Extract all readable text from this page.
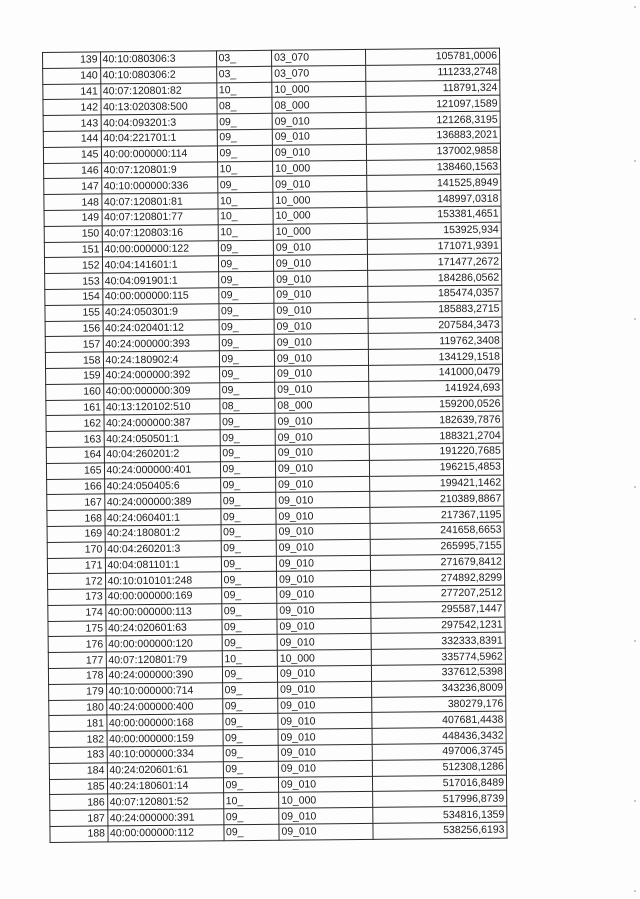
139	40:10:080306:3	03_	03_070	105781,0006
140	40:10:080306:2	03_	03_070	111233,2748
141	40:07:120801:82	10_	10_000	118791,324
142	40:13:020308:500	08_	08_000	121097,1589
143	40:04:093201:3	09_	09_010	121268,3195
144	40:04:221701:1	09_	09_010	136883,2021
145	40:00:000000:114	09_	09_010	137002,9858
146	40:07:120801:9	10_	10_000	138460,1563
147	40:10:000000:336	09_	09_010	141525,8949
148	40:07:120801:81	10_	10_000	148997,0318
149	40:07:120801:77	10_	10_000	153381,4651
150	40:07:120803:16	10_	10_000	153925,934
151	40:00:000000:122	09_	09_010	171071,9391
152	40:04:141601:1	09_	09_010	171477,2672
153	40:04:091901:1	09_	09_010	184286,0562
154	40:00:000000:115	09_	09_010	185474,0357
155	40:24:050301:9	09_	09_010	185883,2715
156	40:24:020401:12	09_	09_010	207584,3473
157	40:24:000000:393	09_	09_010	119762,3408
158	40:24:180902:4	09_	09_010	134129,1518
159	40:24:000000:392	09_	09_010	141000,0479
160	40:00:000000:309	09_	09_010	141924,693
161	40:13:120102:510	08_	08_000	159200,0526
162	40:24:000000:387	09_	09_010	182639,7876
163	40:24:050501:1	09_	09_010	188321,2704
164	40:04:260201:2	09_	09_010	191220,7685
165	40:24:000000:401	09_	09_010	196215,4853
166	40:24:050405:6	09_	09_010	199421,1462
167	40:24:000000:389	09_	09_010	210389,8867
168	40:24:060401:1	09_	09_010	217367,1195
169	40:24:180801:2	09_	09_010	241658,6653
170	40:04:260201:3	09_	09_010	265995,7155
171	40:04:081101:1	09_	09_010	271679,8412
172	40:10:010101:248	09_	09_010	274892,8299
173	40:00:000000:169	09_	09_010	277207,2512
174	40:00:000000:113	09_	09_010	295587,1447
175	40:24:020601:63	09_	09_010	297542,1231
176	40:00:000000:120	09_	09_010	332333,8391
177	40:07:120801:79	10_	10_000	335774,5962
178	40:24:000000:390	09_	09_010	337612,5398
179	40:10:000000:714	09_	09_010	343236,8009
180	40:24:000000:400	09_	09_010	380279,176
181	40:00:000000:168	09_	09_010	407681,4438
182	40:00:000000:159	09_	09_010	448436,3432
183	40:10:000000:334	09_	09_010	497006,3745
184	40:24:020601:61	09_	09_010	512308,1286
185	40:24:180601:14	09_	09_010	517016,8489
186	40:07:120801:52	10_	10_000	517996,8739
187	40:24:000000:391	09_	09_010	534816,1359
188	40:00:000000:112	09_	09_010	538256,6193
